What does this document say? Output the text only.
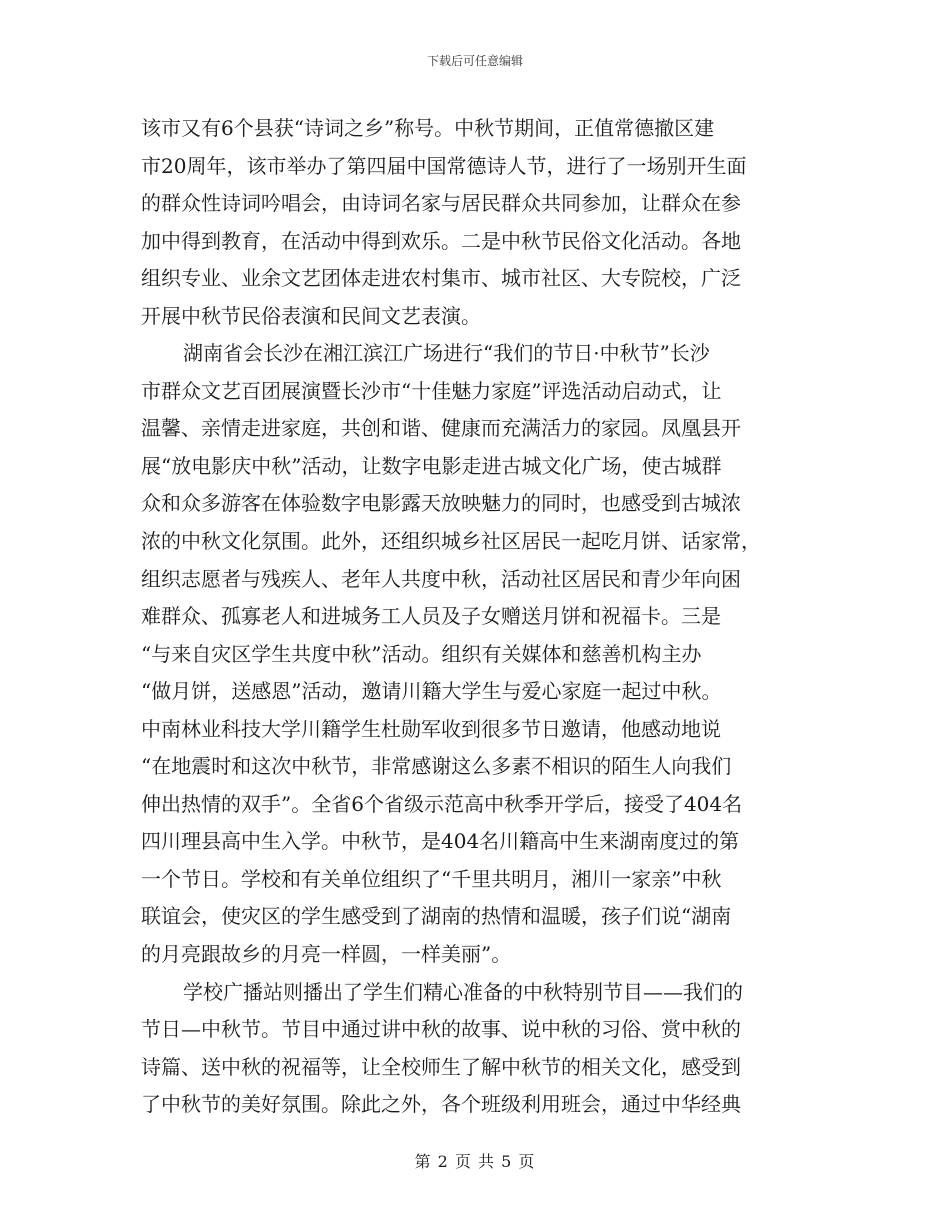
下载后可任意编辑
该市又有6个县获“诗词之乡”称号。中秋节期间，正值常德撤区建
市20周年，该市举办了第四届中国常德诗人节，进行了一场别开生面
的群众性诗词吟唱会，由诗词名家与居民群众共同参加，让群众在参
加中得到教育，在活动中得到欢乐。二是中秋节民俗文化活动。各地
组织专业、业余文艺团体走进农村集市、城市社区、大专院校，广泛
开展中秋节民俗表演和民间文艺表演。
湖南省会长沙在湘江滨江广场进行“我们的节日·中秋节”长沙
市群众文艺百团展演暨长沙市“十佳魅力家庭”评选活动启动式，让
温馨、亲情走进家庭，共创和谐、健康而充满活力的家园。凤凰县开
展“放电影庆中秋”活动，让数字电影走进古城文化广场，使古城群
众和众多游客在体验数字电影露天放映魅力的同时，也感受到古城浓
浓的中秋文化氛围。此外，还组织城乡社区居民一起吃月饼、话家常，
组织志愿者与残疾人、老年人共度中秋，活动社区居民和青少年向困
难群众、孤寡老人和进城务工人员及子女赠送月饼和祝福卡。三是
“与来自灾区学生共度中秋”活动。组织有关媒体和慈善机构主办
“做月饼，送感恩”活动，邀请川籍大学生与爱心家庭一起过中秋。
中南林业科技大学川籍学生杜勋军收到很多节日邀请，他感动地说
“在地震时和这次中秋节，非常感谢这么多素不相识的陌生人向我们
伸出热情的双手”。全省6个省级示范高中秋季开学后，接受了404名
四川理县高中生入学。中秋节，是404名川籍高中生来湖南度过的第
一个节日。学校和有关单位组织了“千里共明月，湘川一家亲”中秋
联谊会，使灾区的学生感受到了湖南的热情和温暖，孩子们说“湖南
的月亮跟故乡的月亮一样圆，一样美丽”。
学校广播站则播出了学生们精心准备的中秋特别节目——我们的
节日—中秋节。节目中通过讲中秋的故事、说中秋的习俗、赏中秋的
诗篇、送中秋的祝福等，让全校师生了解中秋节的相关文化，感受到
了中秋节的美好氛围。除此之外，各个班级利用班会，通过中华经典
第 2 页 共 5 页
